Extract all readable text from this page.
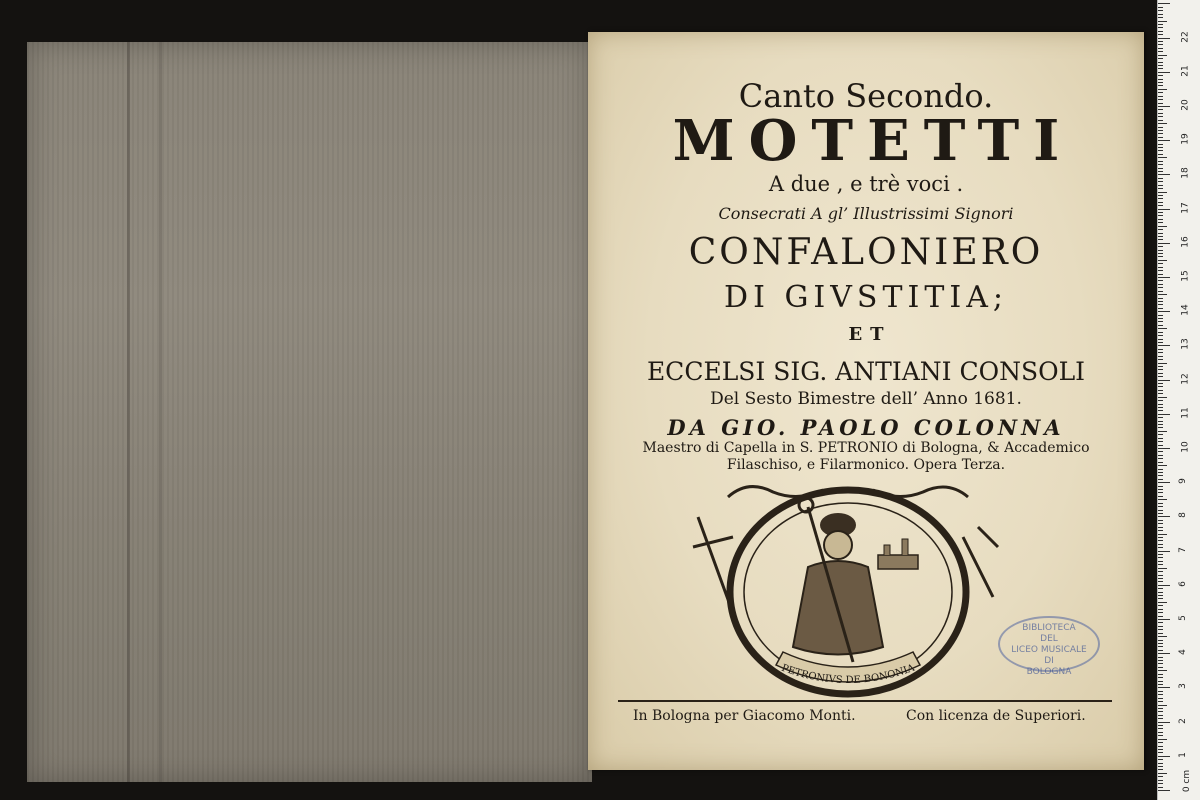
Canto Secondo.
MOTETTI
A due , e trè voci .
Consecrati A gl’ Illustrissimi Signori
CONFALONIERO
DI GIVSTITIA;
ET
ECCELSI SIG. ANTIANI CONSOLI
Del Sesto Bimestre dell’ Anno 1681.
DA GIO. PAOLO COLONNA
Maestro di Capella in S. PETRONIO di Bologna, & Accademico
Filaschiso, e Filarmonico. Opera Terza.
PETRONIVS DE BONONIA
In Bologna per Giacomo Monti.	Con licenza de Superiori.
BIBLIOTECA
DEL
LICEO MUSICALE
DI
BOLOGNA
0 cm
1
2
3
4
5
6
7
8
9
10
11
12
13
14
15
16
17
18
19
20
21
22
